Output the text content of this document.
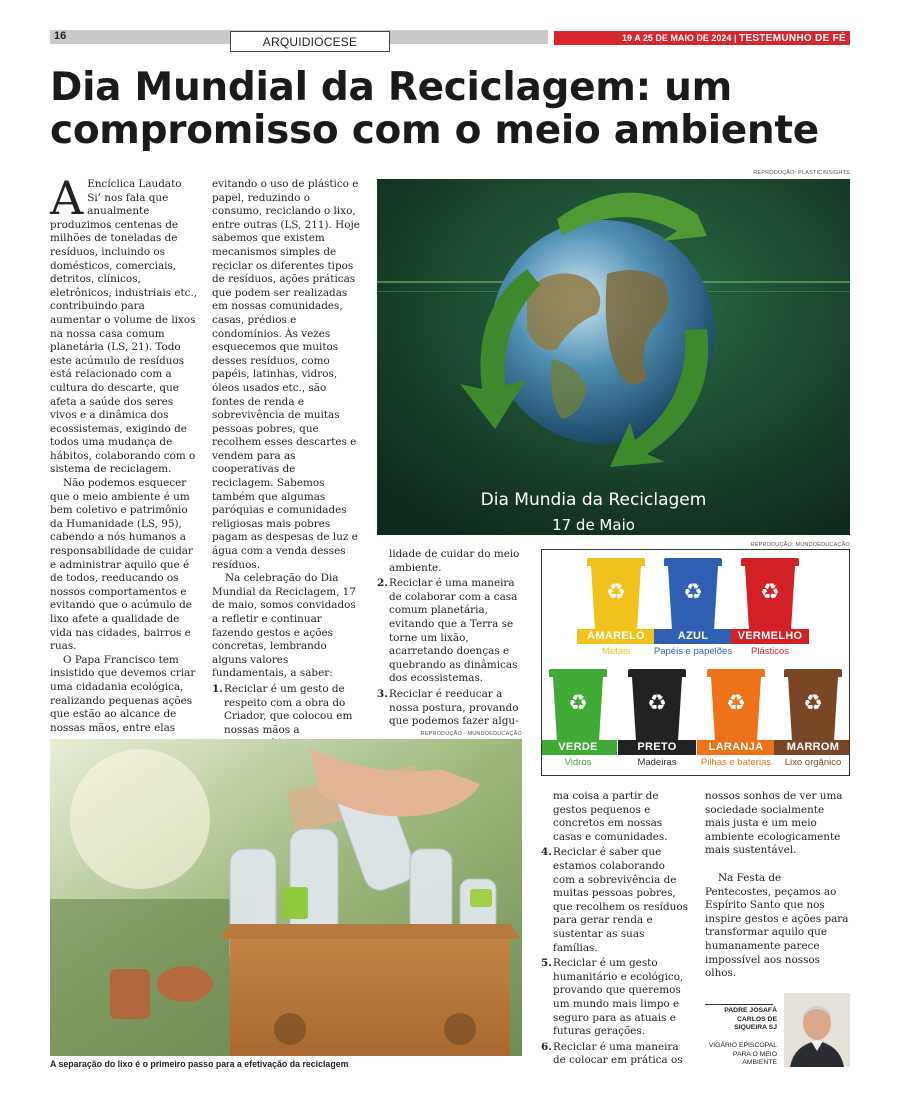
16	ARQUIDIOCESE	19 A 25 DE MAIO DE 2024 | TESTEMUNHO DE FÉ
Dia Mundial da Reciclagem: um compromisso com o meio ambiente

A Encíclica Laudato Si’ nos fala que anualmente produzimos centenas de milhões de toneladas de resíduos, incluindo os domésticos, comerciais, detritos, clínicos, eletrônicos, industriais etc., contribuindo para aumentar o volume de lixos na nossa casa comum planetária (LS, 21). Todo este acúmulo de resíduos está relacionado com a cultura do descarte, que afeta a saúde dos seres vivos e a dinâmica dos ecossistemas, exigindo de todos uma mudança de hábitos, colaborando com o sistema de reciclagem.

Não podemos esquecer que o meio ambiente é um bem coletivo e patrimônio da Humanidade (LS, 95), cabendo a nós humanos a responsabilidade de cuidar e administrar aquilo que é de todos, reeducando os nossos comportamentos e evitando que o acúmulo de lixo afete a qualidade de vida nas cidades, bairros e ruas.

O Papa Francisco tem insistido que devemos criar uma cidadania ecológica, realizando pequenas ações que estão ao alcance de nossas mãos, entre elas

evitando o uso de plástico e papel, reduzindo o consumo, reciclando o lixo, entre outras (LS, 211). Hoje sabemos que existem mecanismos simples de reciclar os diferentes tipos de resíduos, ações práticas que podem ser realizadas em nossas comunidades, casas, prédios e condomínios. Às vezes esquecemos que muitos desses resíduos, como papéis, latinhas, vidros, óleos usados etc., são fontes de renda e sobrevivência de muitas pessoas pobres, que recolhem esses descartes e vendem para as cooperativas de reciclagem. Sabemos também que algumas paróquias e comunidades religiosas mais pobres pagam as despesas de luz e água com a venda desses resíduos.

Na celebração do Dia Mundial da Reciclagem, 17 de maio, somos convidados a refletir e continuar fazendo gestos e ações concretas, lembrando alguns valores fundamentais, a saber:

1. Reciclar é um gesto de respeito com a obra do Criador, que colocou em nossas mãos a

lidade de cuidar do meio ambiente.

2. Reciclar é uma maneira de colaborar com a casa comum planetária, evitando que a Terra se torne um lixão, acarretando doenças e quebrando as dinâmicas dos ecossistemas.
3. Reciclar é reeducar a nossa postura, provando que podemos fazer algu-

ma coisa a partir de gestos pequenos e concretos em nossas casas e comunidades.

4. Reciclar é saber que estamos colaborando com a sobrevivência de muitas pessoas pobres, que recolhem os resíduos para gerar renda e sustentar as suas famílias.
5. Reciclar é um gesto humanitário e ecológico, provando que queremos um mundo mais limpo e seguro para as atuais e futuras gerações.
6. Reciclar é uma maneira de colocar em prática os

nossos sonhos de ver uma sociedade socialmente mais justa e um meio ambiente ecologicamente mais sustentável.

Na Festa de Pentecostes, peçamos ao Espírito Santo que nos inspire gestos e ações para transformar aquilo que humanamente parece impossível aos nossos olhos.

REPRODUÇÃO: PLASTICINSIGHTS
Dia Mundia da Reciclagem
17 de Maio
REPRODUÇÃO: MUNDOEDUCAÇÃO
♻
AMARELO
Metais
♻
AZUL
Papéis e papelões
♻
VERMELHO
Plásticos
♻
VERDE
Vidros
♻
PRETO
Madeiras
♻
LARANJA
Pilhas e baterias
♻
MARROM
Lixo orgânico
REPRODUÇÃO - MUNDOEDUCAÇÃO
A separação do lixo é o primeiro passo para a efetivação da reciclagem
PADRE JOSAFÁ CARLOS DE SIQUEIRA SJ
VIGÁRIO EPISCOPAL PARA O MEIO AMBIENTE
